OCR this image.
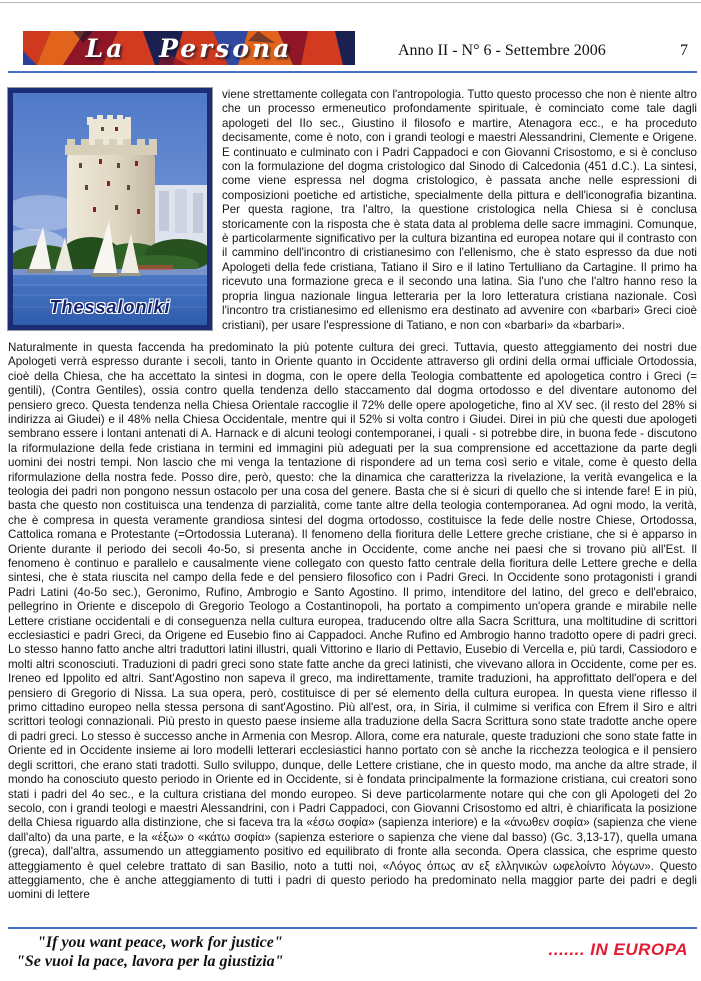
La Persona	Anno II - N° 6 - Settembre 2006	7
Thessaloniki

viene strettamente collegata con l'antropologia. Tutto questo processo che non è niente altro che un processo ermeneutico profondamente spirituale, è cominciato come tale dagli apologeti del IIo sec., Giustino il filosofo e martire, Atenagora ecc., e ha proceduto decisamente, come è noto, con i grandi teologi e maestri Alessandrini, Clemente e Origene. E continuato e culminato con i Padri Cappadoci e con Giovanni Crisostomo, e si è concluso con la formulazione del dogma cristologico dal Sinodo di Calcedonia (451 d.C.). La sintesi, come viene espressa nel dogma cristologico, è passata anche nelle espressioni di composizioni poetiche ed artistiche, specialmente della pittura e dell'iconografia bizantina. Per questa ragione, tra l'altro, la questione cristologica nella Chiesa si è conclusa storicamente con la risposta che è stata data al problema delle sacre immagini. Comunque, è particolarmente significativo per la cultura bizantina ed europea notare qui il contrasto con il cammino dell'incontro di cristianesimo con l'ellenismo, che è stato espresso da due noti Apologeti della fede cristiana, Tatiano il Siro e il latino Tertulliano da Cartagine. Il primo ha ricevuto una formazione greca e il secondo una latina. Sia l'uno che l'altro hanno reso la propria lingua nazionale lingua letteraria per la loro letteratura cristiana nazionale. Così l'incontro tra cristianesimo ed ellenismo era destinato ad avvenire con «barbari» Greci cioè cristiani), per usare l'espressione di Tatiano, e non con «barbari» da «barbari».

Naturalmente in questa faccenda ha predominato la più potente cultura dei greci. Tuttavia, questo atteggiamento dei nostri due Apologeti verrà espresso durante i secoli, tanto in Oriente quanto in Occidente attraverso gli ordini della ormai ufficiale Ortodossia, cioè della Chiesa, che ha accettato la sintesi in dogma, con le opere della Teologia combattente ed apologetica contro i Greci (= gentili), (Contra Gentiles), ossia contro quella tendenza dello staccamento dal dogma ortodosso e del diventare autonomo del pensiero greco. Questa tendenza nella Chiesa Orientale raccoglie il 72% delle opere apologetiche, fino al XV sec. (il resto del 28% si indirizza ai Giudei) e il 48% nella Chiesa Occidentale, mentre qui il 52% si volta contro i Giudei. Direi in più che questi due apologeti sembrano essere i lontani antenati di A. Harnack e di alcuni teologi contemporanei, i quali - si potrebbe dire, in buona fede - discutono la riformulazione della fede cristiana in termini ed immagini più adeguati per la sua comprensione ed accettazione da parte degli uomini dei nostri tempi. Non lascio che mi venga la tentazione di rispondere ad un tema così serio e vitale, come è questo della riformulazione della nostra fede. Posso dire, però, questo: che la dinamica che caratterizza la rivelazione, la verità evangelica e la teologia dei padri non pongono nessun ostacolo per una cosa del genere. Basta che si è sicuri di quello che si intende fare! E in più, basta che questo non costituisca una tendenza di parzialità, come tante altre della teologia contemporanea. Ad ogni modo, la verità, che è compresa in questa veramente grandiosa sintesi del dogma ortodosso, costituisce la fede delle nostre Chiese, Ortodossa, Cattolica romana e Protestante (=Ortodossia Luterana). Il fenomeno della fioritura delle Lettere greche cristiane, che si è apparso in Oriente durante il periodo dei secoli 4o-5o, si presenta anche in Occidente, come anche nei paesi che si trovano più all'Est. Il fenomeno è continuo e parallelo e causalmente viene collegato con questo fatto centrale della fioritura delle Lettere greche e della sintesi, che è stata riuscita nel campo della fede e del pensiero filosofico con i Padri Greci. In Occidente sono protagonisti i grandi Padri Latini (4o-5o sec.), Geronimo, Rufino, Ambrogio e Santo Agostino. Il primo, intenditore del latino, del greco e dell'ebraico, pellegrino in Oriente e discepolo di Gregorio Teologo a Costantinopoli, ha portato a compimento un'opera grande e mirabile nelle Lettere cristiane occidentali e di conseguenza nella cultura europea, traducendo oltre alla Sacra Scrittura, una moltitudine di scrittori ecclesiastici e padri Greci, da Origene ed Eusebio fino ai Cappadoci. Anche Rufino ed Ambrogio hanno tradotto opere di padri greci. Lo stesso hanno fatto anche altri traduttori latini illustri, quali Vittorino e Ilario di Pettavio, Eusebio di Vercella e, più tardi, Cassiodoro e molti altri sconosciuti. Traduzioni di padri greci sono state fatte anche da greci latinisti, che vivevano allora in Occidente, come per es. Ireneo ed Ippolito ed altri. Sant'Agostino non sapeva il greco, ma indirettamente, tramite traduzioni, ha approfittato dell'opera e del pensiero di Gregorio di Nissa. La sua opera, però, costituisce di per sé elemento della cultura europea. In questa viene riflesso il primo cittadino europeo nella stessa persona di sant'Agostino. Più all'est, ora, in Siria, il culmime si verifica con Efrem il Siro e altri scrittori teologi connazionali. Più presto in questo paese insieme alla traduzione della Sacra Scrittura sono state tradotte anche opere di padri greci. Lo stesso è successo anche in Armenia con Mesrop. Allora, come era naturale, queste traduzioni che sono state fatte in Oriente ed in Occidente insieme ai loro modelli letterari ecclesiastici hanno portato con sè anche la ricchezza teologica e il pensiero degli scrittori, che erano stati tradotti. Sullo sviluppo, dunque, delle Lettere cristiane, che in questo modo, ma anche da altre strade, il mondo ha conosciuto questo periodo in Oriente ed in Occidente, si è fondata principalmente la formazione cristiana, cui creatori sono stati i padri del 4o sec., e la cultura cristiana del mondo europeo. Si deve particolarmente notare qui che con gli Apologeti del 2o secolo, con i grandi teologi e maestri Alessandrini, con i Padri Cappadoci, con Giovanni Crisostomo ed altri, è chiarificata la posizione della Chiesa riguardo alla distinzione, che si faceva tra la «έσω σοφία» (sapienza interiore) e la «άνωθεν σοφία» (sapienza che viene dall'alto) da una parte, e la «έξω» o «κάτω σοφία» (sapienza esteriore o sapienza che viene dal basso) (Gc. 3,13-17), quella umana (greca), dall'altra, assumendo un atteggiamento positivo ed equilibrato di fronte alla seconda. Opera classica, che esprime questo atteggiamento è quel celebre trattato di san Basilio, noto a tutti noi, «Λόγος όπως αν εξ ελληνικών ωφελοίντο λόγων». Questo atteggiamento, che è anche atteggiamento di tutti i padri di questo periodo ha predominato nella maggior parte dei padri e degli uomini di lettere

"If you want peace, work for justice"
"Se vuoi la pace, lavora per la giustizia"
....... IN EUROPA
